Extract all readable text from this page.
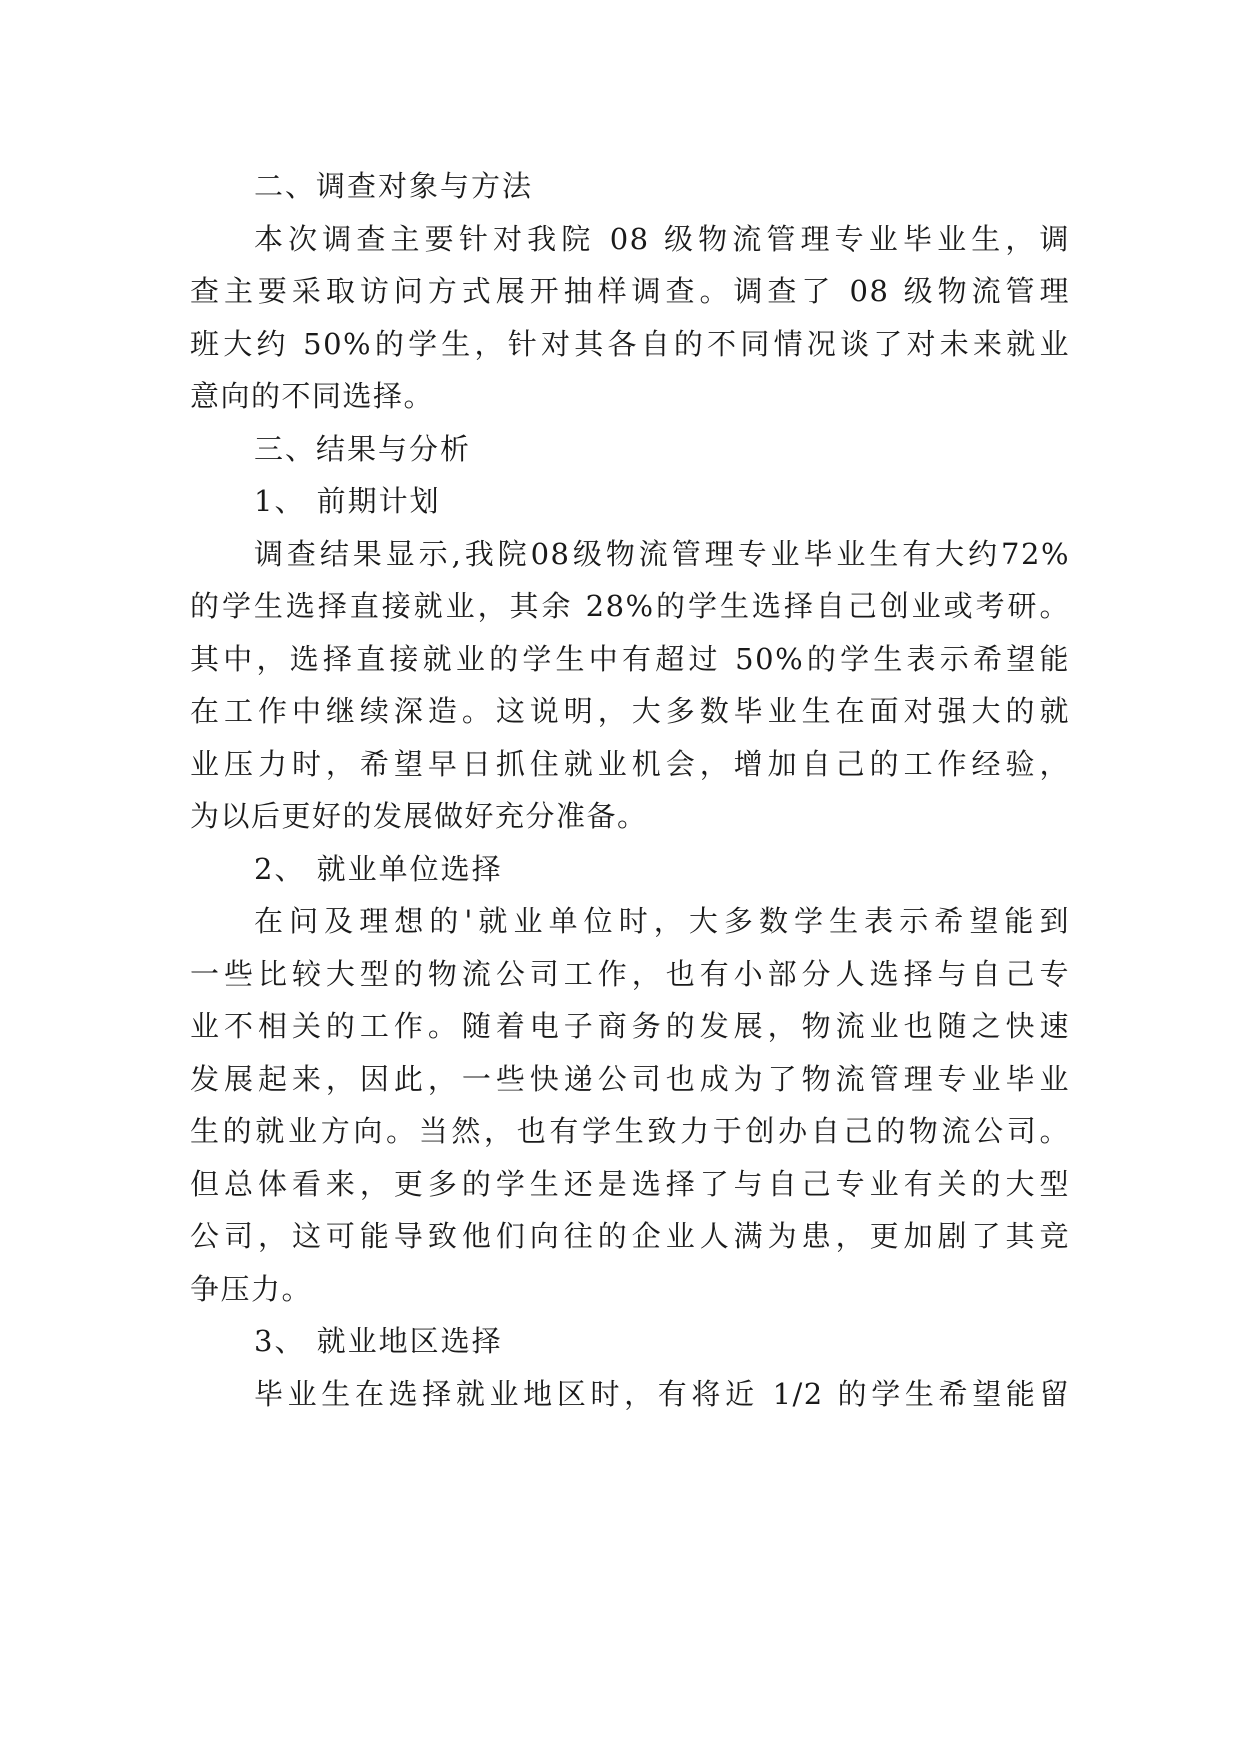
二、调查对象与方法
本次调查主要针对我院 08 级物流管理专业毕业生，调
查主要采取访问方式展开抽样调查。调查了 08 级物流管理
班大约 50%的学生，针对其各自的不同情况谈了对未来就业
意向的不同选择。
三、结果与分析
1、 前期计划
调查结果显示,我院08级物流管理专业毕业生有大约72%
的学生选择直接就业，其余 28%的学生选择自己创业或考研。
其中，选择直接就业的学生中有超过 50%的学生表示希望能
在工作中继续深造。这说明，大多数毕业生在面对强大的就
业压力时，希望早日抓住就业机会，增加自己的工作经验，
为以后更好的发展做好充分准备。
2、 就业单位选择
在问及理想的'就业单位时，大多数学生表示希望能到
一些比较大型的物流公司工作，也有小部分人选择与自己专
业不相关的工作。随着电子商务的发展，物流业也随之快速
发展起来，因此，一些快递公司也成为了物流管理专业毕业
生的就业方向。当然，也有学生致力于创办自己的物流公司。
但总体看来，更多的学生还是选择了与自己专业有关的大型
公司，这可能导致他们向往的企业人满为患，更加剧了其竞
争压力。
3、 就业地区选择
毕业生在选择就业地区时，有将近 1/2 的学生希望能留
